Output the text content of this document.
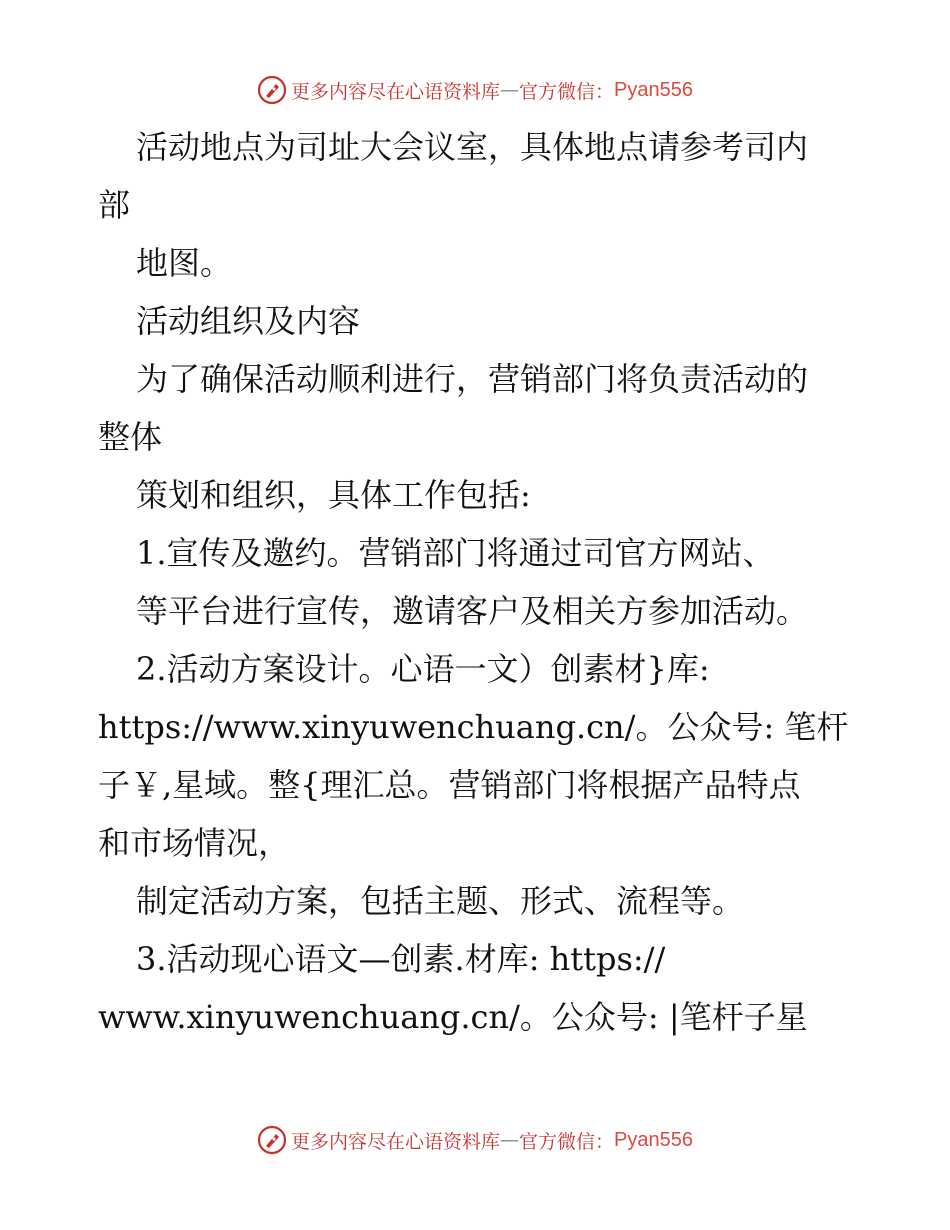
更多内容尽在心语资料库 — 官方微信： Pyan556
活动地点为司址大会议室，具体地点请参考司内
部
地图。
活动组织及内容
为了确保活动顺利进行，营销部门将负责活动的
整体
策划和组织，具体工作包括:
1.宣传及邀约。营销部门将通过司官方网站、
等平台进行宣传，邀请客户及相关方参加活动。
2.活动方案设计。心语一文）创素材}库:
https://www.xinyuwenchuang.cn/。公众号: 笔杆
子￥,星域。整{理汇总。营销部门将根据产品特点
和市场情况，
制定活动方案，包括主题、形式、流程等。
3.活动现心语文—创素.材库: https://
www.xinyuwenchuang.cn/。公众号: |笔杆子星
更多内容尽在心语资料库 — 官方微信： Pyan556
